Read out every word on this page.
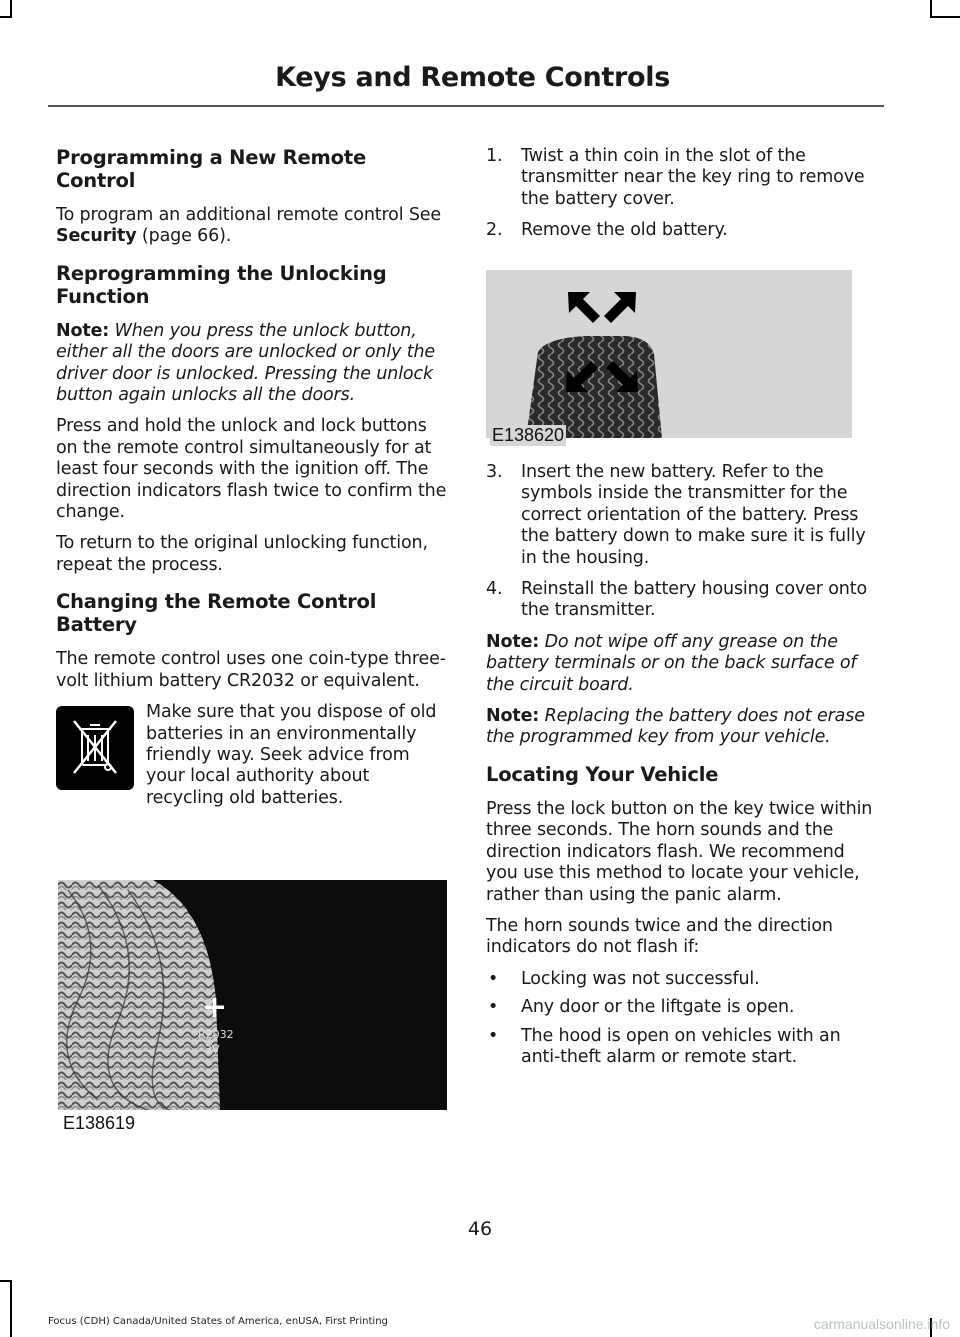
Keys and Remote Controls
Programming a New Remote Control

To program an additional remote control See Security (page 66).

Reprogramming the Unlocking Function

Note: When you press the unlock button, either all the doors are unlocked or only the driver door is unlocked. Pressing the unlock button again unlocks all the doors.

Press and hold the unlock and lock buttons on the remote control simultaneously for at least four seconds with the ignition off. The direction indicators flash twice to confirm the change.

To return to the original unlocking function, repeat the process.

Changing the Remote Control Battery

The remote control uses one coin-type three-volt lithium battery CR2032 or equivalent.

Make sure that you dispose of old batteries in an environmentally friendly way. Seek advice from your local authority about recycling old batteries.

+
R2032
3V
E138619
1. Twist a thin coin in the slot of the transmitter near the key ring to remove the battery cover.
2. Remove the old battery.
E138620
3. Insert the new battery. Refer to the symbols inside the transmitter for the correct orientation of the battery. Press the battery down to make sure it is fully in the housing.
4. Reinstall the battery housing cover onto the transmitter.

Note: Do not wipe off any grease on the battery terminals or on the back surface of the circuit board.

Note: Replacing the battery does not erase the programmed key from your vehicle.

Locating Your Vehicle

Press the lock button on the key twice within three seconds. The horn sounds and the direction indicators flash. We recommend you use this method to locate your vehicle, rather than using the panic alarm.

The horn sounds twice and the direction indicators do not flash if:

• Locking was not successful.
• Any door or the liftgate is open.
• The hood is open on vehicles with an anti-theft alarm or remote start.
46
Focus (CDH) Canada/United States of America, enUSA, First Printing	carmanualsonline.info
